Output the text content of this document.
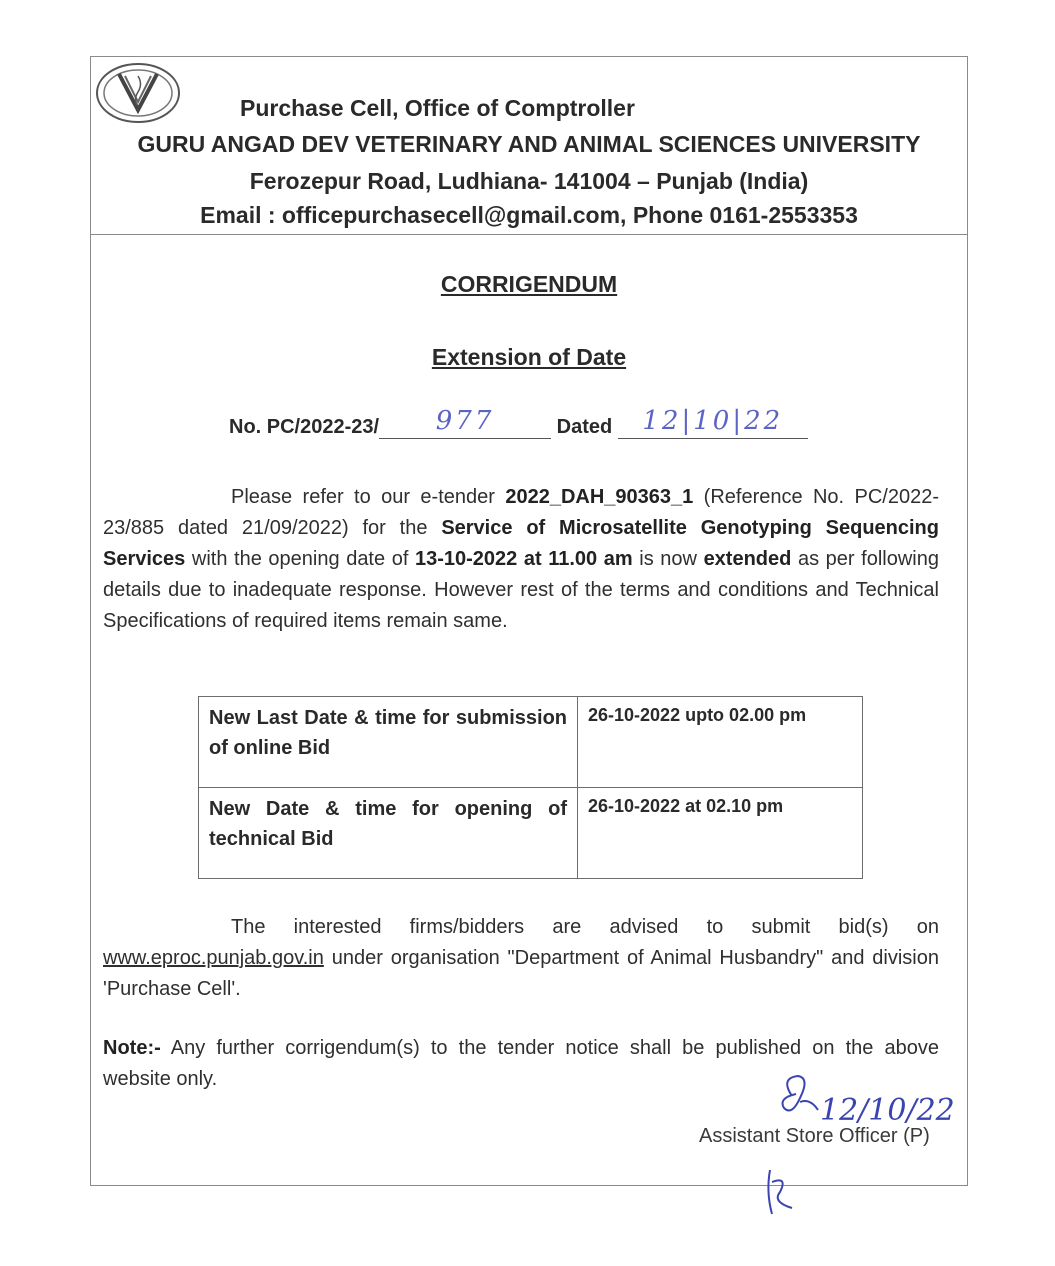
Purchase Cell, Office of Comptroller
GURU ANGAD DEV VETERINARY AND ANIMAL SCIENCES UNIVERSITY
Ferozepur Road, Ludhiana- 141004 – Punjab (India)
Email : officepurchasecell@gmail.com, Phone 0161-2553353
CORRIGENDUM
Extension of Date
No. PC/2022-23/	977	Dated	12|10|22
Please refer to our e-tender 2022_DAH_90363_1 (Reference No. PC/2022-23/885 dated 21/09/2022) for the Service of Microsatellite Genotyping Sequencing Services with the opening date of 13-10-2022 at 11.00 am is now extended as per following details due to inadequate response. However rest of the terms and conditions and Technical Specifications of required items remain same.
New Last Date & time for submission of online Bid	26-10-2022 upto 02.00 pm
New Date & time for opening of technical Bid	26-10-2022 at 02.10 pm
The interested firms/bidders are advised to submit bid(s) on www.eproc.punjab.gov.in under organisation "Department of Animal Husbandry" and division 'Purchase Cell'.
Note:- Any further corrigendum(s) to the tender notice shall be published on the above website only.
12/10/22
Assistant Store Officer (P)
